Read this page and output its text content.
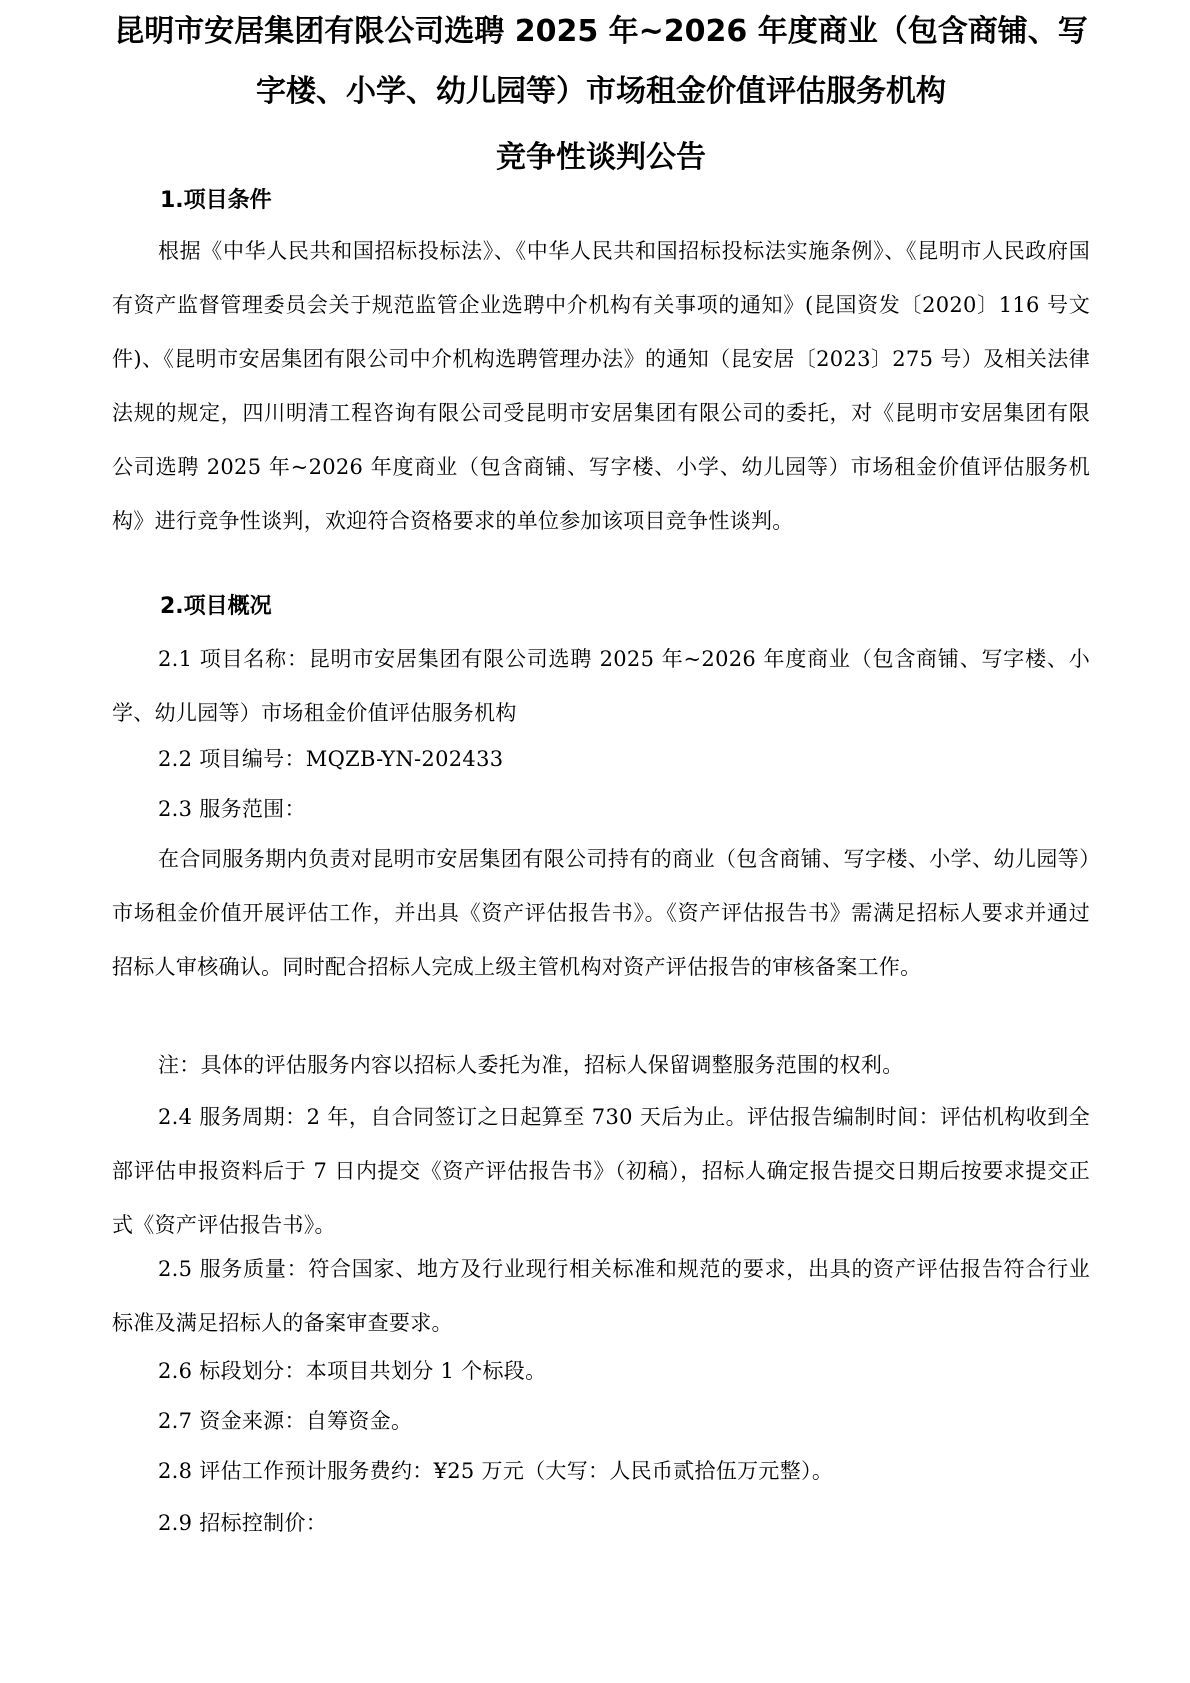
昆明市安居集团有限公司选聘 2025 年~2026 年度商业（包含商铺、写
字楼、小学、幼儿园等）市场租金价值评估服务机构
竞争性谈判公告
1.项目条件

根据《中华人民共和国招标投标法》、《中华人民共和国招标投标法实施条例》、《昆明市人民政府国有资产监督管理委员会关于规范监管企业选聘中介机构有关事项的通知》(昆国资发〔2020〕116 号文件)、《昆明市安居集团有限公司中介机构选聘管理办法》的通知（昆安居〔2023〕275 号）及相关法律法规的规定，四川明清工程咨询有限公司受昆明市安居集团有限公司的委托，对《昆明市安居集团有限公司选聘 2025 年~2026 年度商业（包含商铺、写字楼、小学、幼儿园等）市场租金价值评估服务机构》进行竞争性谈判，欢迎符合资格要求的单位参加该项目竞争性谈判。

2.项目概况

2.1 项目名称：昆明市安居集团有限公司选聘 2025 年~2026 年度商业（包含商铺、写字楼、小学、幼儿园等）市场租金价值评估服务机构

2.2 项目编号：MQZB-YN-202433

2.3 服务范围：

在合同服务期内负责对昆明市安居集团有限公司持有的商业（包含商铺、写字楼、小学、幼儿园等）市场租金价值开展评估工作，并出具《资产评估报告书》。《资产评估报告书》需满足招标人要求并通过招标人审核确认。同时配合招标人完成上级主管机构对资产评估报告的审核备案工作。

注：具体的评估服务内容以招标人委托为准，招标人保留调整服务范围的权利。

2.4 服务周期：2 年，自合同签订之日起算至 730 天后为止。评估报告编制时间：评估机构收到全部评估申报资料后于 7 日内提交《资产评估报告书》（初稿），招标人确定报告提交日期后按要求提交正式《资产评估报告书》。

2.5 服务质量：符合国家、地方及行业现行相关标准和规范的要求，出具的资产评估报告符合行业标准及满足招标人的备案审查要求。

2.6 标段划分：本项目共划分 1 个标段。

2.7 资金来源：自筹资金。

2.8 评估工作预计服务费约：¥25 万元（大写：人民币贰拾伍万元整）。

2.9 招标控制价：
